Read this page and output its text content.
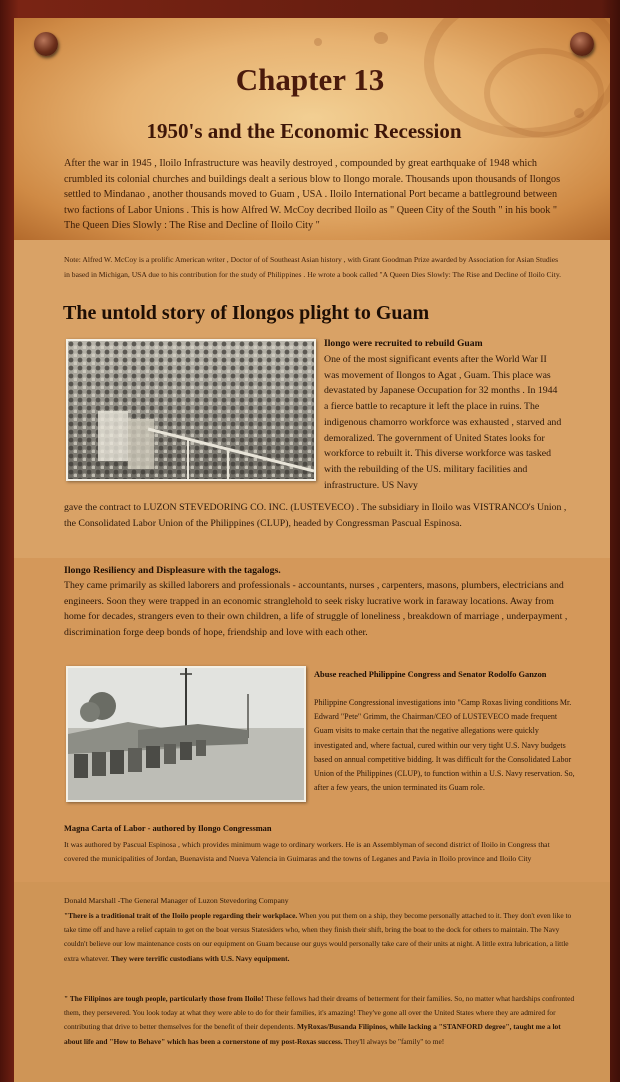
Chapter 13
1950's and the Economic Recession

After the war in 1945 , Iloilo Infrastructure was heavily destroyed , compounded by great earthquake of 1948 which crumbled its colonial churches and buildings dealt a serious blow to Ilongo morale. Thousands upon thousands of Ilongos settled to Mindanao , another thousands moved to Guam , USA . Iloilo International Port became a battleground between two factions of Labor Unions . This is how Alfred W. McCoy decribed Iloilo as " Queen City of the South " in his book " The Queen Dies Slowly : The Rise and Decline of Iloilo City "

Note: Alfred W. McCoy is a prolific American writer , Doctor of of Southeast Asian history , with Grant Goodman Prize awarded by Association for Asian Studies in based in Michigan, USA due to his contribution for the study of Philippines . He wrote a book called "A Queen Dies Slowly: The Rise and Decline of Iloilo City.

The untold story of Ilongos plight to Guam
Ilongo were recruited to rebuild Guam

One of the most significant events after the World War II was movement of Ilongos to Agat , Guam. This place was devastated by Japanese Occupation for 32 months . In 1944 a fierce battle to recapture it left the place in ruins. The indigenous chamorro workforce was exhausted , starved and demoralized. The government of United States looks for workforce to rebuilt it. This diverse workforce was tasked with the rebuilding of the US. military facilities and infrastructure. US Navy

gave the contract to LUZON STEVEDORING CO. INC. (LUSTEVECO) . The subsidiary in Iloilo was VISTRANCO's Union , the Consolidated Labor Union of the Philippines (CLUP), headed by Congressman Pascual Espinosa.

Ilongo Resiliency and Displeasure with the tagalogs.

They came primarily as skilled laborers and professionals - accountants, nurses , carpenters, masons, plumbers, electricians and engineers. Soon they were trapped in an economic stranglehold to seek risky lucrative work in faraway locations. Away from home for decades, strangers even to their own children, a life of struggle of loneliness , breakdown of marriage , underpayment , discrimination forge deep bonds of hope, friendship and love with each other.

Abuse reached Philippine Congress and Senator Rodolfo Ganzon

Philippine Congressional investigations into "Camp Roxas living conditions Mr. Edward "Pete" Grimm, the Chairman/CEO of LUSTEVECO made frequent Guam visits to make certain that the negative allegations were quickly investigated and, where factual, cured within our very tight U.S. Navy budgets based on annual competitive bidding. It was difficult for the Consolidated Labor Union of the Philippines (CLUP), to function within a U.S. Navy reservation. So, after a few years, the union terminated its Guam role.

Magna Carta of Labor - authored by Ilongo Congressman

It was authored by Pascual Espinosa , which provides minimum wage to ordinary workers. He is an Assemblyman of second district of Iloilo in Congress that covered the municipalities of Jordan, Buenavista and Nueva Valencia in Guimaras and the towns of Leganes and Pavia in Iloilo province and Iloilo City

Donald Marshall -The General Manager of Luzon Stevedoring Company

"There is a traditional trait of the Iloilo people regarding their workplace. When you put them on a ship, they become personally attached to it. They don't even like to take time off and have a relief captain to get on the boat versus Statesiders who, when they finish their shift, bring the boat to the dock for others to maintain. The Navy couldn't believe our low maintenance costs on our equipment on Guam because our guys would personally take care of their units at night. A little extra lubrication, a little extra whatever. They were terrific custodians with U.S. Navy equipment.

" The Filipinos are tough people, particularly those from Iloilo! These fellows had their dreams of betterment for their families. So, no matter what hardships confronted them, they persevered. You look today at what they were able to do for their families, it's amazing! They've gone all over the United States where they are admired for contributing that drive to better themselves for the benefit of their dependents. MyRoxas/Busanda Filipinos, while lacking a "STANFORD degree", taught me a lot about life and "How to Behave" which has been a cornerstone of my post-Roxas success. They'll always be "family" to me!
